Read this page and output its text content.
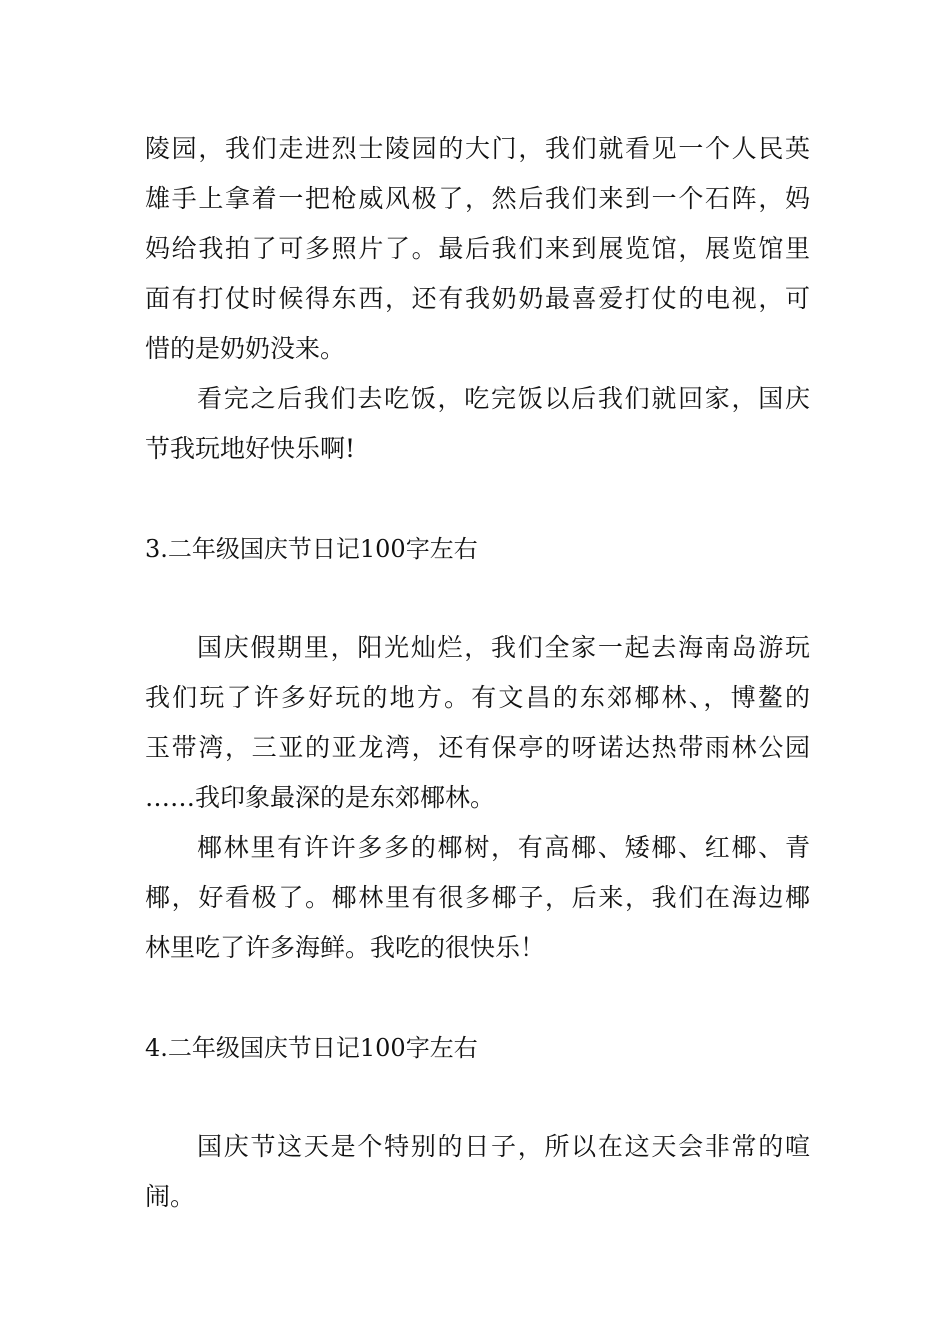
陵园，我们走进烈士陵园的大门，我们就看见一个人民英
雄手上拿着一把枪威风极了，然后我们来到一个石阵，妈
妈给我拍了可多照片了。最后我们来到展览馆，展览馆里
面有打仗时候得东西，还有我奶奶最喜爱打仗的电视，可
惜的是奶奶没来。
看完之后我们去吃饭，吃完饭以后我们就回家，国庆
节我玩地好快乐啊!
3.二年级国庆节日记100字左右
国庆假期里，阳光灿烂，我们全家一起去海南岛游玩
我们玩了许多好玩的地方。有文昌的东郊椰林、，博鳌的
玉带湾，三亚的亚龙湾，还有保亭的呀诺达热带雨林公园
……我印象最深的是东郊椰林。
椰林里有许许多多的椰树，有高椰、矮椰、红椰、青
椰，好看极了。椰林里有很多椰子，后来，我们在海边椰
林里吃了许多海鲜。我吃的很快乐！
4.二年级国庆节日记100字左右
国庆节这天是个特别的日子，所以在这天会非常的喧
闹。
